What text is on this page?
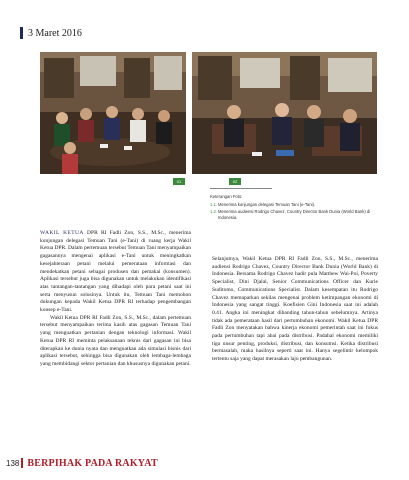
3 Maret 2016
01	02
Keterangan Foto:
1.1. Menerima kunjungan delegasi Temuan Tani (e-Tani).
1.2. Menerima audiensi Rodrigo Chavez, Country Director Bank Dunia (World Bank) di Indonesia.

WAKIL KETUA DPR RI Fadli Zon, S.S., M.Sc., menerima kunjungan delegasi Temuan Tani (e-Tani) di ruang kerja Wakil Ketua DPR. Dalam pertemuan tersebut Temuan Tani menyampaikan gagasannya mengenai aplikasi e-Tani untuk meningkatkan kesejahteraan petani melalui pemerataan informasi dan mendekatkan petani sebagai produsen dan pemakai (konsumen). Aplikasi tersebut juga bisa digunakan untuk melakukan identifikasi atas tantangan-tantangan yang dihadapi oleh para petani saat ini serta menyusun solusinya. Untuk itu, Temuan Tani memohon dukungan kepada Wakil Ketua DPR RI terhadap pengembangan konsep e-Tani.

Wakil Ketua DPR RI Fadli Zon, S.S., M.Sc., dalam pertemuan tersebut menyampaikan terima kasih atas gagasan Temuan Tani yang menguatkan pertanian dengan teknologi informasi. Wakil Ketua DPR RI meminta pelaksanaan teknis dari gagasan ini bisa diterapkan ke dunia nyata dan menguatkan ada simulasi bisnis dari aplikasi tersebut, sehingga bisa digunakan oleh lembaga-lembaga yang membidangi sektor pertanian dan khususnya digunakan petani.

Selanjutnya, Wakil Ketua DPR RI Fadli Zon, S.S., M.Sc., menerima audiensi Rodrigo Chavez, Country Director Bank Dunia (World Bank) di Indonesia. Bersama Rodrigo Chavez hadir pula Matthew Wai-Poi, Poverty Specialist, Dini Djalal, Senior Communications Officer dan Kurie Suditomo, Communications Specialist. Dalam kesempatan itu Rodrigo Chavez memaparkan sekilas mengenai problem ketimpangan ekonomi di Indonesia yang sangat tinggi. Koefisien Gini Indonesia saat ini adalah 0.41. Angka ini meningkat dibanding tahun-tahun sebelumnya. Artinya tidak ada pemerataan hasil dari pertumbuhan ekonomi. Wakil Ketua DPR Fadli Zon menyatakan bahwa kinerja ekonomi pemerintah saat ini fokus pada pertumbuhan tapi abai pada distribusi. Padahal ekonomi memiliki tiga unsur penting, produksi, distribusi, dan konsumsi. Ketika distribusi bermasalah, maka hasilnya seperti saat ini. Hanya segelintir kelompok tertentu saja yang dapat merasakan laju pembangunan.

138 BERPIHAK PADA RAKYAT
